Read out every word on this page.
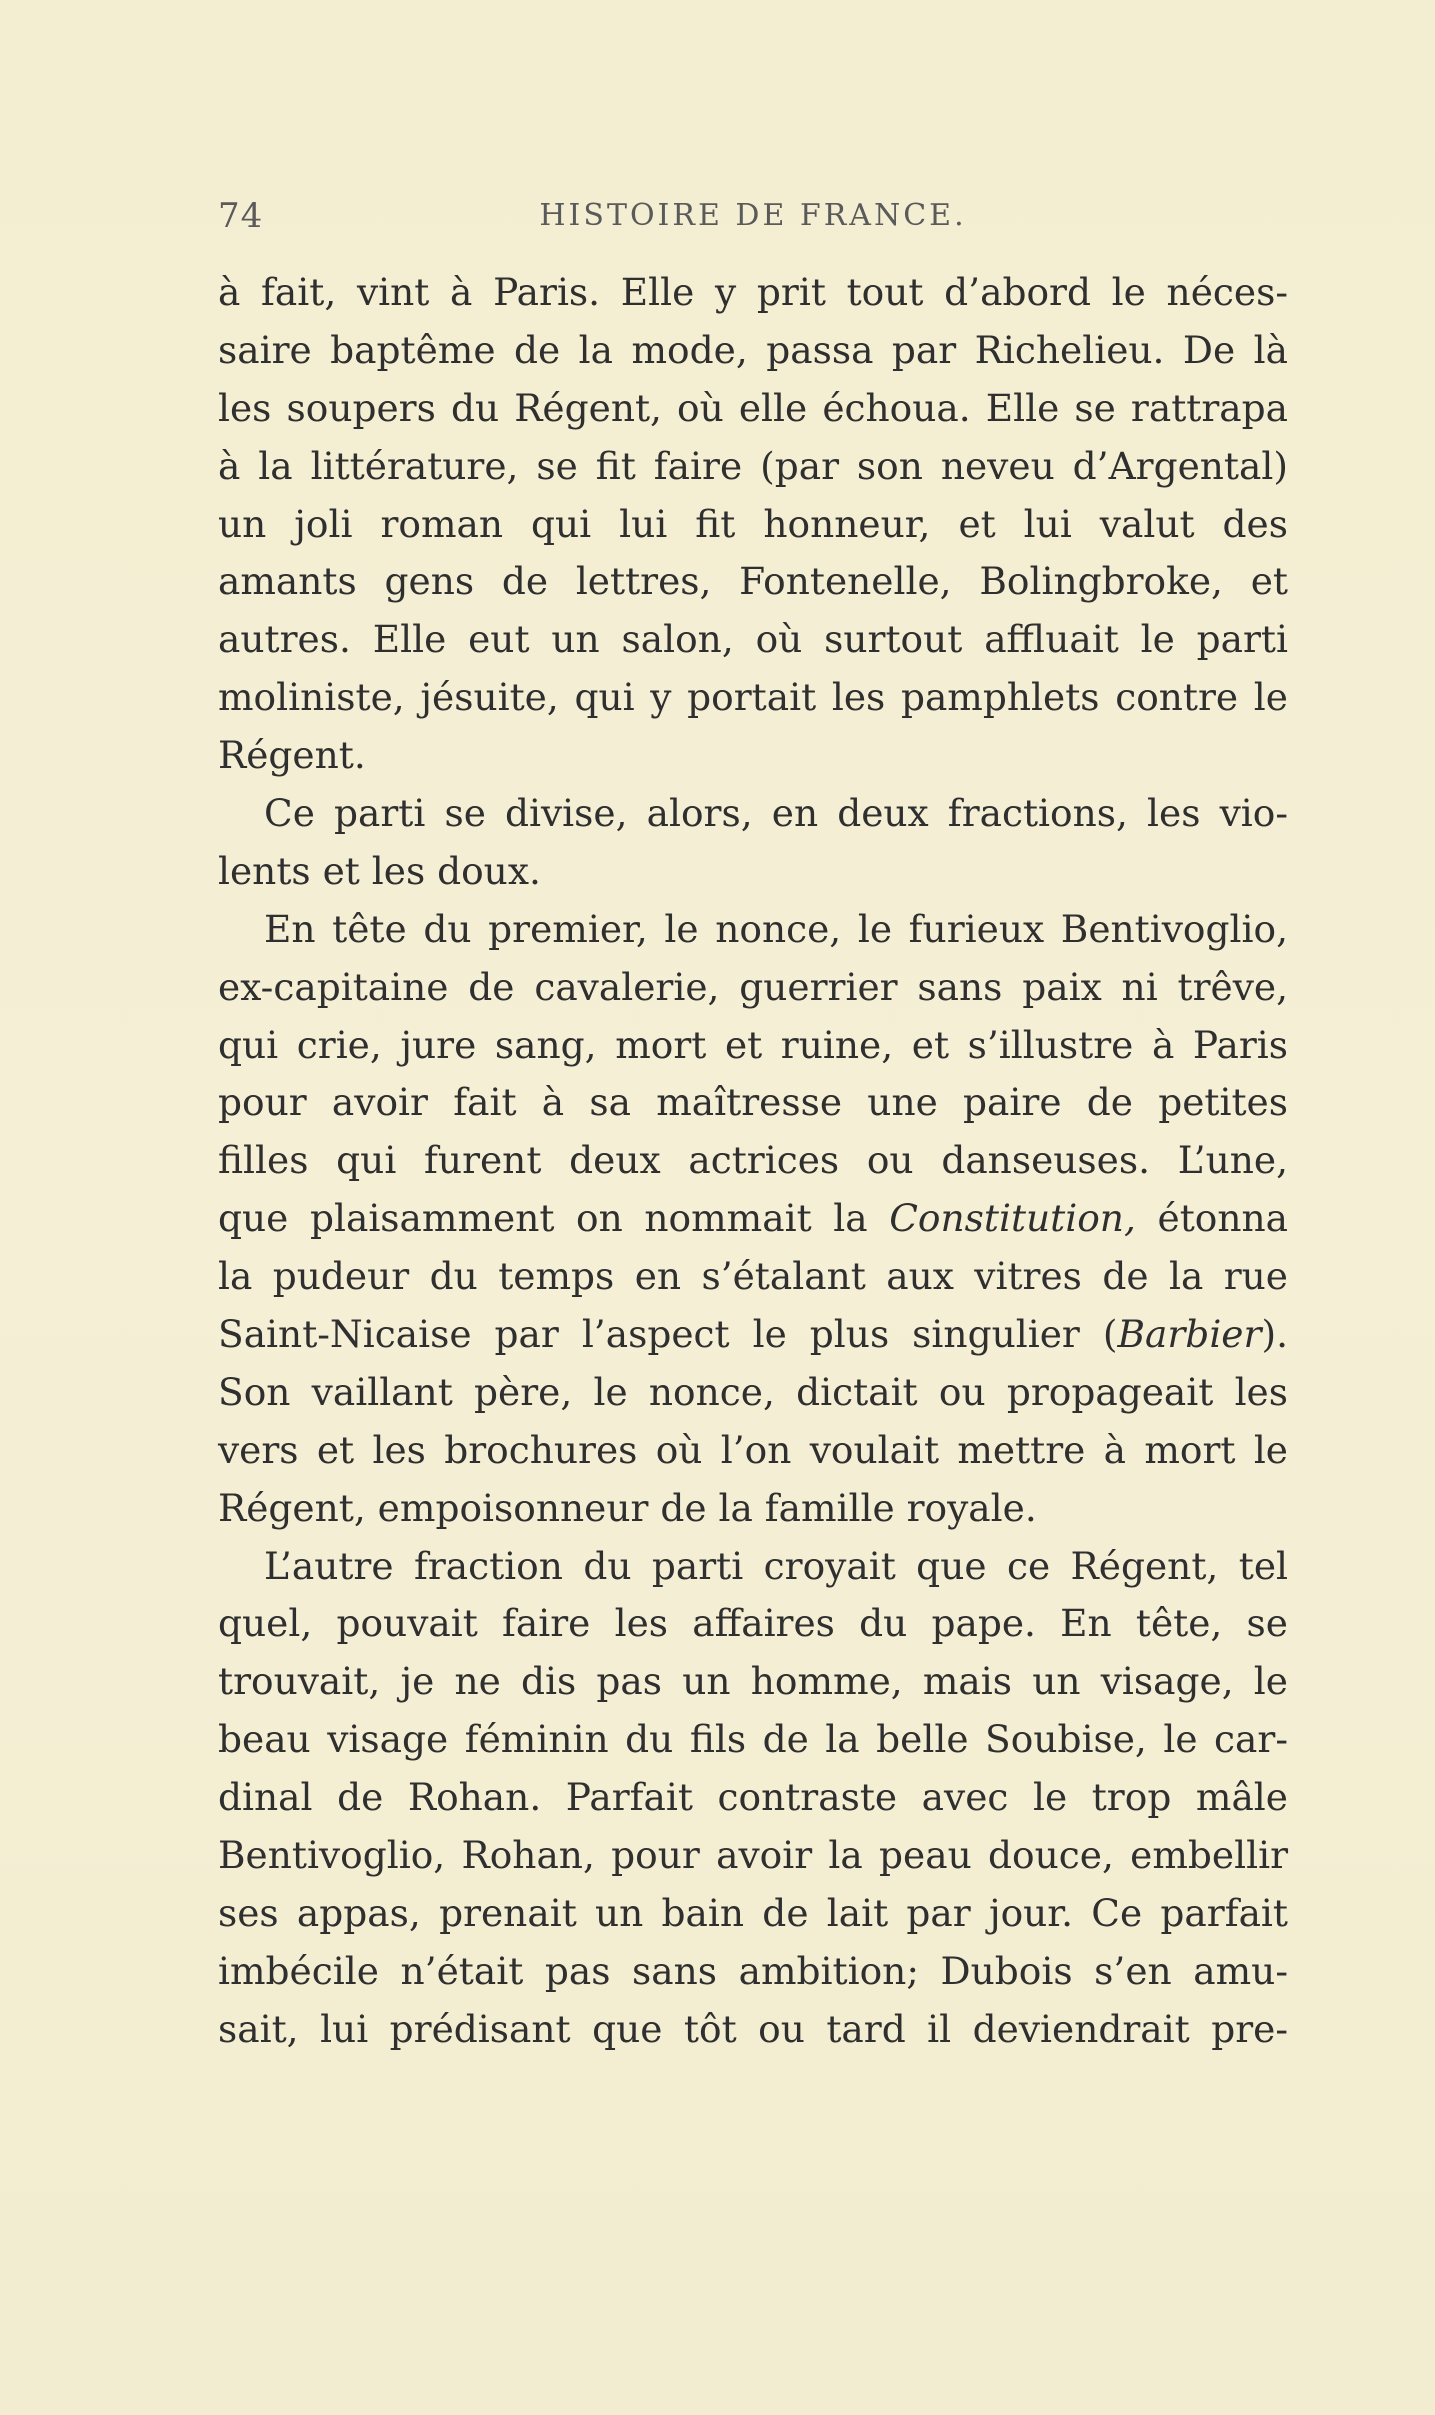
74	HISTOIRE DE FRANCE.
à fait, vint à Paris. Elle y prit tout d’abord le néces-
saire baptême de la mode, passa par Richelieu. De là
les soupers du Régent, où elle échoua. Elle se rattrapa
à la littérature, se fit faire (par son neveu d’Argental)
un joli roman qui lui fit honneur, et lui valut des
amants gens de lettres, Fontenelle, Bolingbroke, et
autres. Elle eut un salon, où surtout affluait le parti
moliniste, jésuite, qui y portait les pamphlets contre le
Régent.
Ce parti se divise, alors, en deux fractions, les vio-
lents et les doux.
En tête du premier, le nonce, le furieux Bentivoglio,
ex-capitaine de cavalerie, guerrier sans paix ni trêve,
qui crie, jure sang, mort et ruine, et s’illustre à Paris
pour avoir fait à sa maîtresse une paire de petites
filles qui furent deux actrices ou danseuses. L’une,
que plaisamment on nommait la Constitution, étonna
la pudeur du temps en s’étalant aux vitres de la rue
Saint-Nicaise par l’aspect le plus singulier (Barbier).
Son vaillant père, le nonce, dictait ou propageait les
vers et les brochures où l’on voulait mettre à mort le
Régent, empoisonneur de la famille royale.
L’autre fraction du parti croyait que ce Régent, tel
quel, pouvait faire les affaires du pape. En tête, se
trouvait, je ne dis pas un homme, mais un visage, le
beau visage féminin du fils de la belle Soubise, le car-
dinal de Rohan. Parfait contraste avec le trop mâle
Bentivoglio, Rohan, pour avoir la peau douce, embellir
ses appas, prenait un bain de lait par jour. Ce parfait
imbécile n’était pas sans ambition; Dubois s’en amu-
sait, lui prédisant que tôt ou tard il deviendrait pre-
